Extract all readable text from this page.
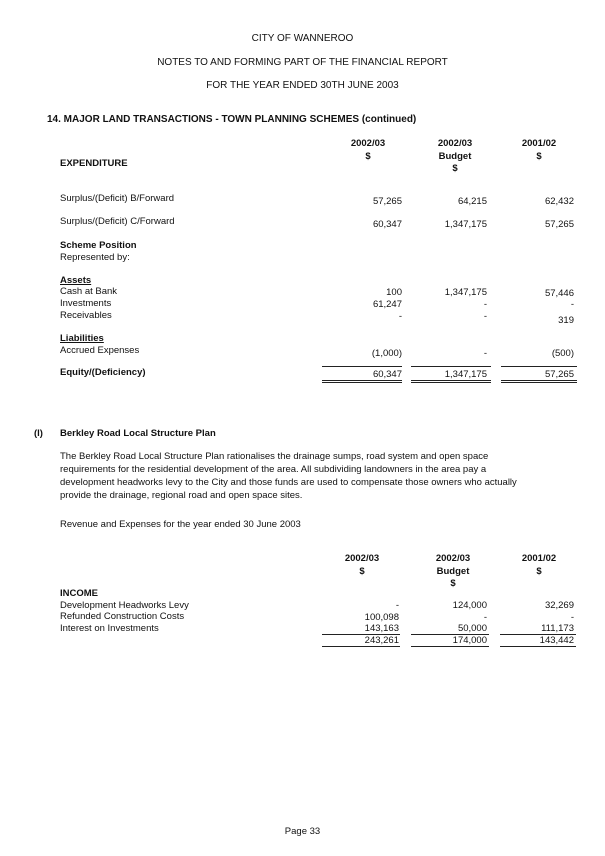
CITY OF WANNEROO
NOTES TO AND FORMING PART OF THE FINANCIAL REPORT
FOR THE YEAR ENDED 30TH JUNE 2003
14. MAJOR LAND TRANSACTIONS - TOWN PLANNING SCHEMES (continued)
2002/03
$
2002/03
Budget
$
2001/02
$
EXPENDITURE
Surplus/(Deficit) B/Forward	57,265	64,215	62,432
Surplus/(Deficit) C/Forward	60,347	1,347,175	57,265
Scheme Position
Represented by:
Assets
Cash at Bank	100	1,347,175	57,446
Investments	61,247	-	-
Receivables	-	-	319
Liabilities
Accrued Expenses	(1,000)	-	(500)
Equity/(Deficiency)	60,347	1,347,175	57,265
(l) Berkley Road Local Structure Plan
The Berkley Road Local Structure Plan rationalises the drainage sumps, road system and open space requirements for the residential development of the area. All subdividing landowners in the area pay a development headworks levy to the City and those funds are used to compensate those owners who actually provide the drainage, regional road and open space sites.
Revenue and Expenses for the year ended 30 June 2003
2002/03
$
2002/03
Budget
$
2001/02
$
INCOME
Development Headworks Levy	-	124,000	32,269
Refunded Construction Costs	100,098	-	-
Interest on Investments	143,163	50,000	111,173
243,261	174,000	143,442
Page 33
